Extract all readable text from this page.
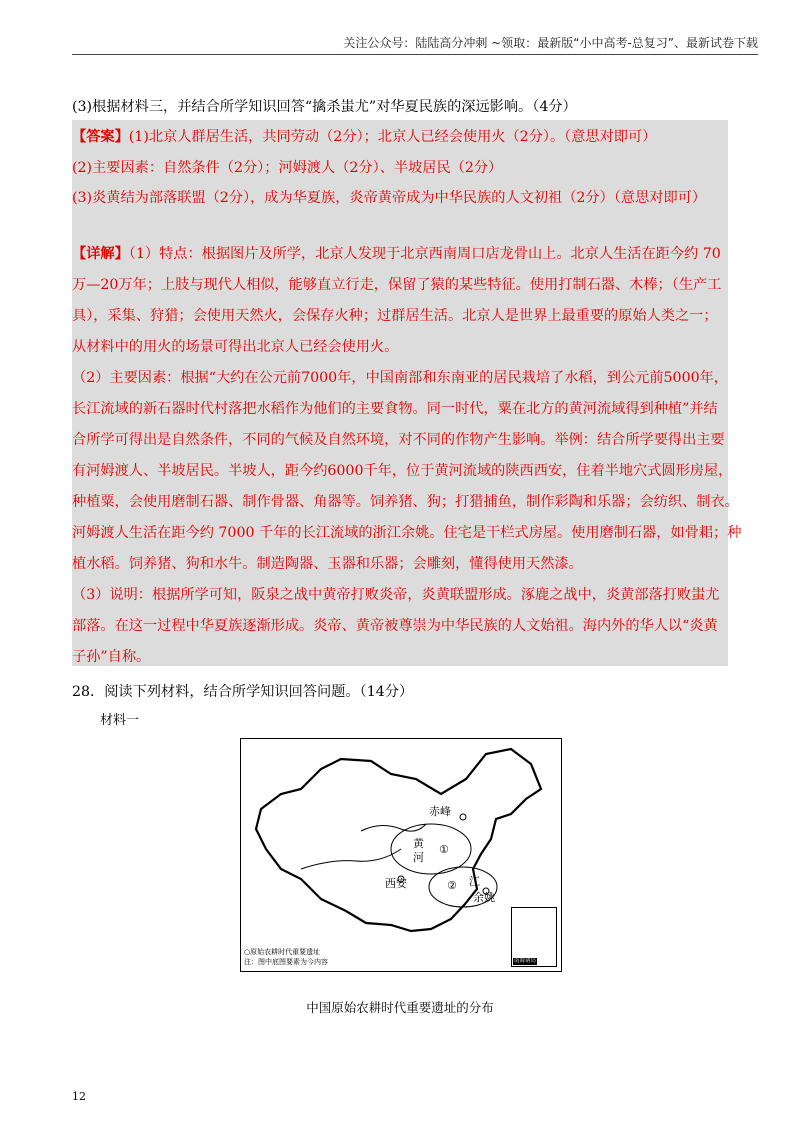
关注公众号：陆陆高分冲刺 ~领取：最新版“小中高考-总复习”、最新试卷下载
(3)根据材料三，并结合所学知识回答“擒杀蚩尤”对华夏民族的深远影响。（4分）
【答案】(1)北京人群居生活，共同劳动（2分）；北京人已经会使用火（2分）。（意思对即可）
(2)主要因素：自然条件（2分）；河姆渡人（2分）、半坡居民（2分）
(3)炎黄结为部落联盟（2分），成为华夏族，炎帝黄帝成为中华民族的人文初祖（2分）（意思对即可）
【详解】（1）特点：根据图片及所学，北京人发现于北京西南周口店龙骨山上。北京人生活在距今约 70
万—20万年；上肢与现代人相似，能够直立行走，保留了猿的某些特征。使用打制石器、木棒；（生产工
具），采集、狩猎；会使用天然火，会保存火种；过群居生活。北京人是世界上最重要的原始人类之一；
从材料中的用火的场景可得出北京人已经会使用火。
（2）主要因素：根据“大约在公元前7000年，中国南部和东南亚的居民栽培了水稻，到公元前5000年，
长江流域的新石器时代村落把水稻作为他们的主要食物。同一时代，粟在北方的黄河流域得到种植”并结
合所学可得出是自然条件，不同的气候及自然环境，对不同的作物产生影响。举例：结合所学要得出主要
有河姆渡人、半坡居民。半坡人，距今约6000千年，位于黄河流域的陕西西安，住着半地穴式圆形房屋，
种植粟，会使用磨制石器、制作骨器、角器等。饲养猪、狗；打猎捕鱼，制作彩陶和乐器；会纺织、制衣。
河姆渡人生活在距今约 7000 千年的长江流域的浙江余姚。住宅是干栏式房屋。使用磨制石器，如骨耜；种
植水稻。饲养猪、狗和水牛。制造陶器、玉器和乐器；会雕刻，懂得使用天然漆。
（3）说明：根据所学可知，阪泉之战中黄帝打败炎帝，炎黄联盟形成。涿鹿之战中，炎黄部落打败蚩尤
部落。在这一过程中华夏族逐渐形成。炎帝、黄帝被尊崇为中华民族的人文始祖。海内外的华人以“炎黄
子孙”自称。
28．阅读下列材料，结合所学知识回答问题。（14分）
材料一
赤峰
黄
河
西安	江
余姚
①
②
○原始农耕时代重要遗址
注：图中底图要素为今内容	南海诸岛
中国原始农耕时代重要遗址的分布
12
